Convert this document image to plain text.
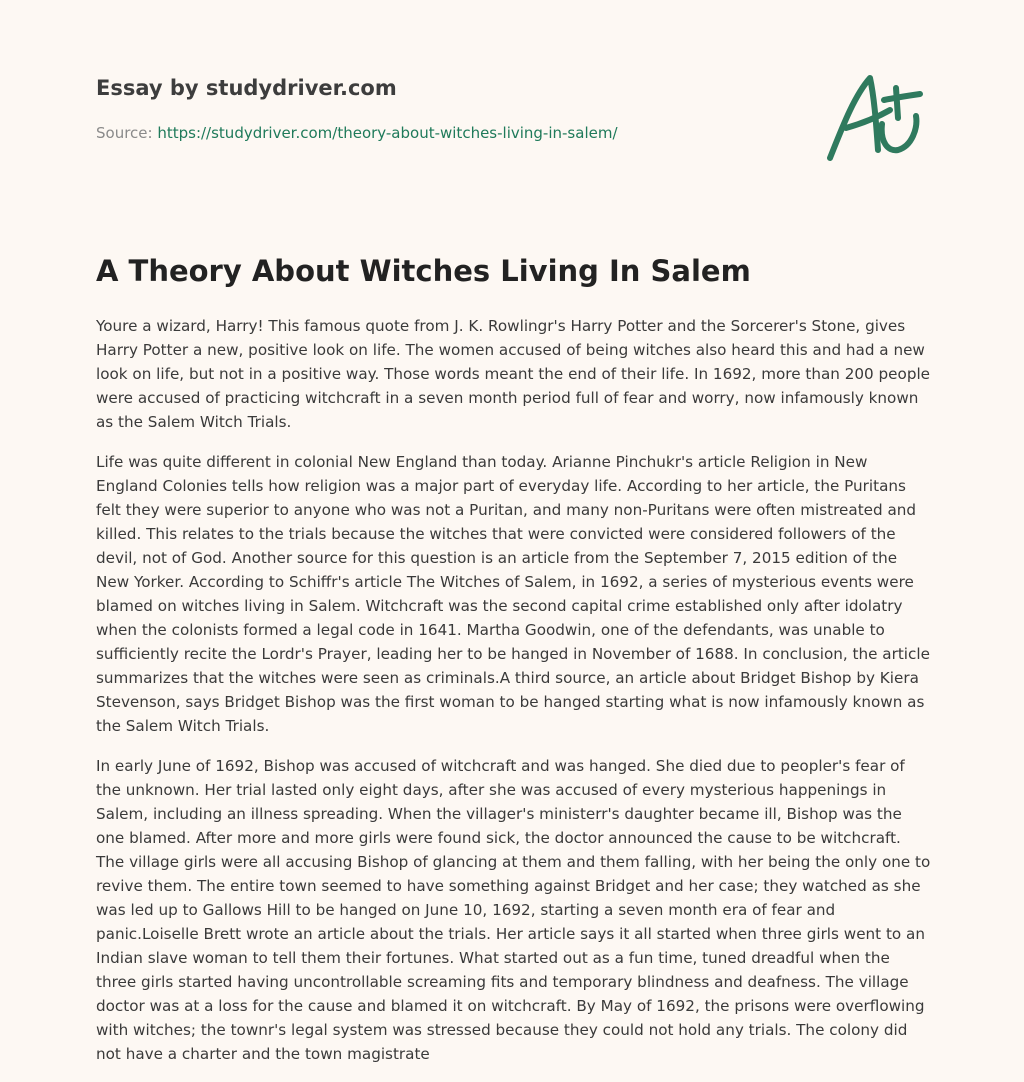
Essay by studydriver.com

Source: https://studydriver.com/theory-about-witches-living-in-salem/

A Theory About Witches Living In Salem

Youre a wizard, Harry! This famous quote from J. K. Rowlingr's Harry Potter and the Sorcerer's Stone, gives Harry Potter a new, positive look on life. The women accused of being witches also heard this and had a new look on life, but not in a positive way. Those words meant the end of their life. In 1692, more than 200 people were accused of practicing witchcraft in a seven month period full of fear and worry, now infamously known as the Salem Witch Trials.

Life was quite different in colonial New England than today. Arianne Pinchukr's article Religion in New England Colonies tells how religion was a major part of everyday life. According to her article, the Puritans felt they were superior to anyone who was not a Puritan, and many non-Puritans were often mistreated and killed. This relates to the trials because the witches that were convicted were considered followers of the devil, not of God. Another source for this question is an article from the September 7, 2015 edition of the New Yorker. According to Schiffr's article The Witches of Salem, in 1692, a series of mysterious events were blamed on witches living in Salem. Witchcraft was the second capital crime established only after idolatry when the colonists formed a legal code in 1641. Martha Goodwin, one of the defendants, was unable to sufficiently recite the Lordr's Prayer, leading her to be hanged in November of 1688. In conclusion, the article summarizes that the witches were seen as criminals.A third source, an article about Bridget Bishop by Kiera Stevenson, says Bridget Bishop was the first woman to be hanged starting what is now infamously known as the Salem Witch Trials.

In early June of 1692, Bishop was accused of witchcraft and was hanged. She died due to peopler's fear of the unknown. Her trial lasted only eight days, after she was accused of every mysterious happenings in Salem, including an illness spreading. When the villager's ministerr's daughter became ill, Bishop was the one blamed. After more and more girls were found sick, the doctor announced the cause to be witchcraft. The village girls were all accusing Bishop of glancing at them and them falling, with her being the only one to revive them. The entire town seemed to have something against Bridget and her case; they watched as she was led up to Gallows Hill to be hanged on June 10, 1692, starting a seven month era of fear and panic.Loiselle Brett wrote an article about the trials. Her article says it all started when three girls went to an Indian slave woman to tell them their fortunes. What started out as a fun time, tuned dreadful when the three girls started having uncontrollable screaming fits and temporary blindness and deafness. The village doctor was at a loss for the cause and blamed it on witchcraft. By May of 1692, the prisons were overflowing with witches; the townr's legal system was stressed because they could not hold any trials. The colony did not have a charter and the town magistrate
